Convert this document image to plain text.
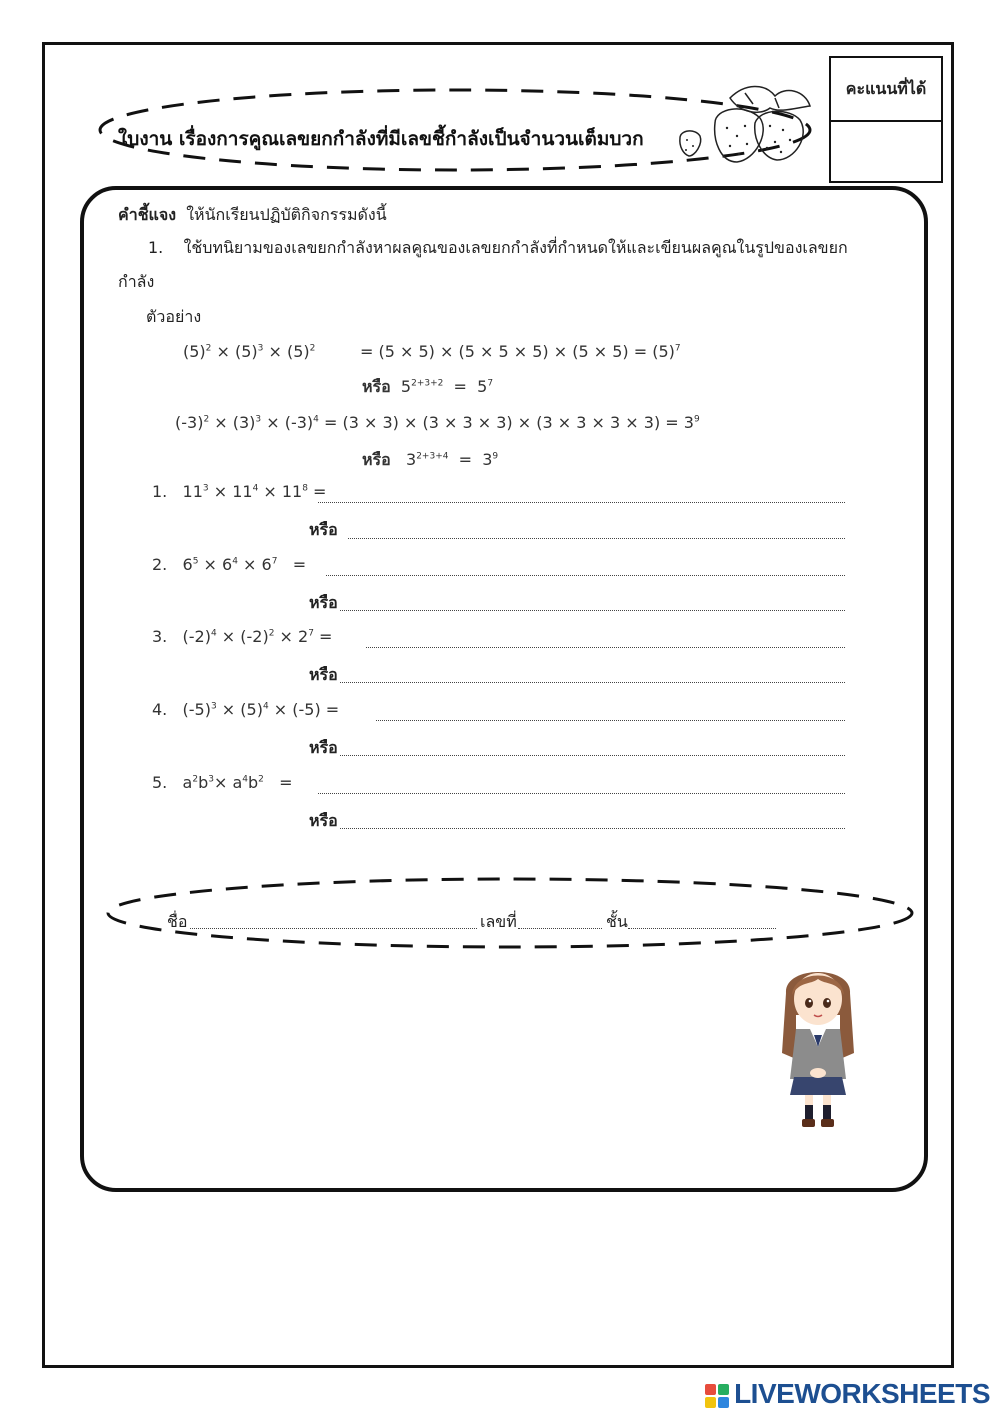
ใบงาน เรื่องการคูณเลขยกกำลังที่มีเลขชี้กำลังเป็นจำนวนเต็มบวก
คะแนนที่ได้
คำชี้แจง ให้นักเรียนปฏิบัติกิจกรรมดังนี้
1. ใช้บทนิยามของเลขยกกำลังหาผลคูณของเลขยกกำลังที่กำหนดให้และเขียนผลคูณในรูปของเลขยก
กำลัง
ตัวอย่าง
$(5)^2 \times (5)^3 \times (5)^2$	= $(5 \times 5) \times (5 \times 5 \times 5) \times (5 \times 5) = (5)^7$
หรือ $5^{2+3+2} = 5^7$
$(-3)^2 \times (3)^3 \times (-3)^4 = (3 \times 3) \times (3 \times 3 \times 3) \times (3 \times 3 \times 3 \times 3) = 3^9$
หรือ $3^{2+3+4} = 3^9$
1. $11^3 \times 11^4 \times 11^8$ =
หรือ
2. $6^5 \times 6^4 \times 6^7$   =
หรือ
3. $(-2)^4 \times (-2)^2 \times 2^7$ =
หรือ
4. $(-5)^3 \times (5)^4 \times (-5)$ =
หรือ
5. $a^2b^3\times a^4b^2$   =
หรือ
ชื่อ	เลขที่	ชั้น
LIVEWORKSHEETS
